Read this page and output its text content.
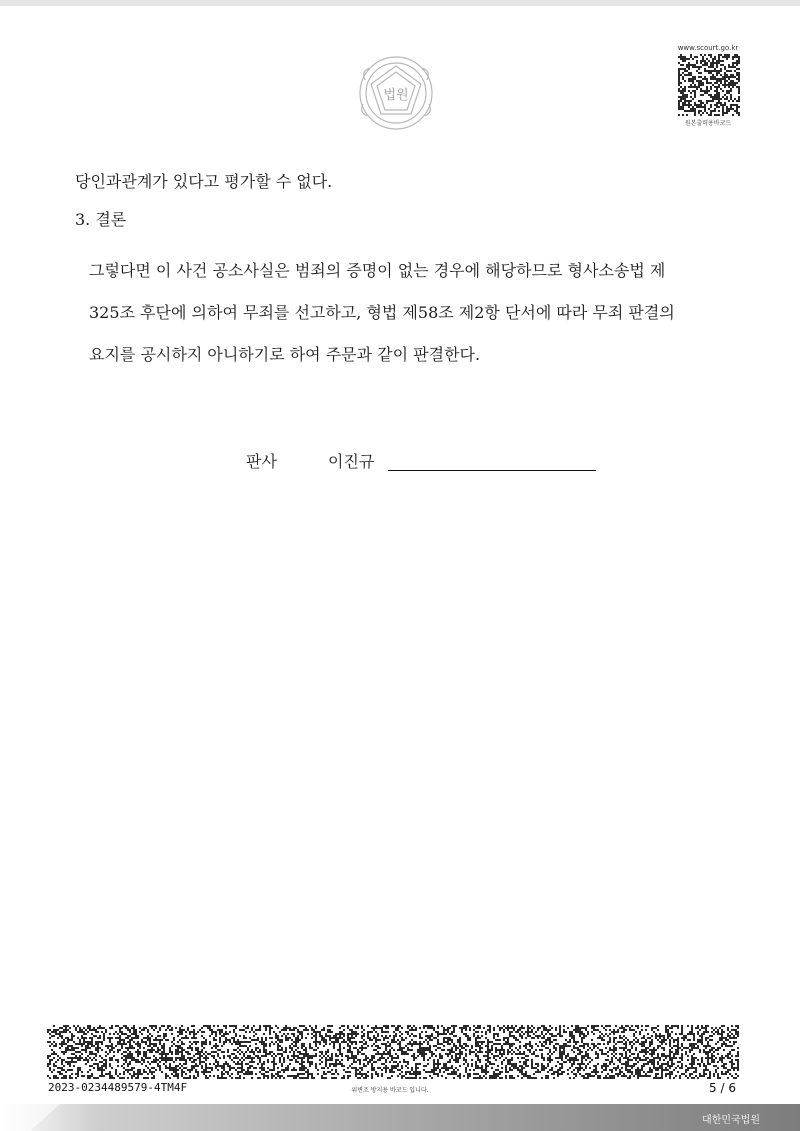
법원
www.scourt.go.kr
원본출력용바코드
당인과관계가 있다고 평가할 수 없다.
3. 결론

그렇다면 이 사건 공소사실은 범죄의 증명이 없는 경우에 해당하므로 형사소송법 제
325조 후단에 의하여 무죄를 선고하고, 형법 제58조 제2항 단서에 따라 무죄 판결의
요지를 공시하지 아니하기로 하여 주문과 같이 판결한다.

판사	이진규
2023-0234489579-4TM4F	위변조 방지용 바코드 입니다.	5 / 6
대한민국법원
